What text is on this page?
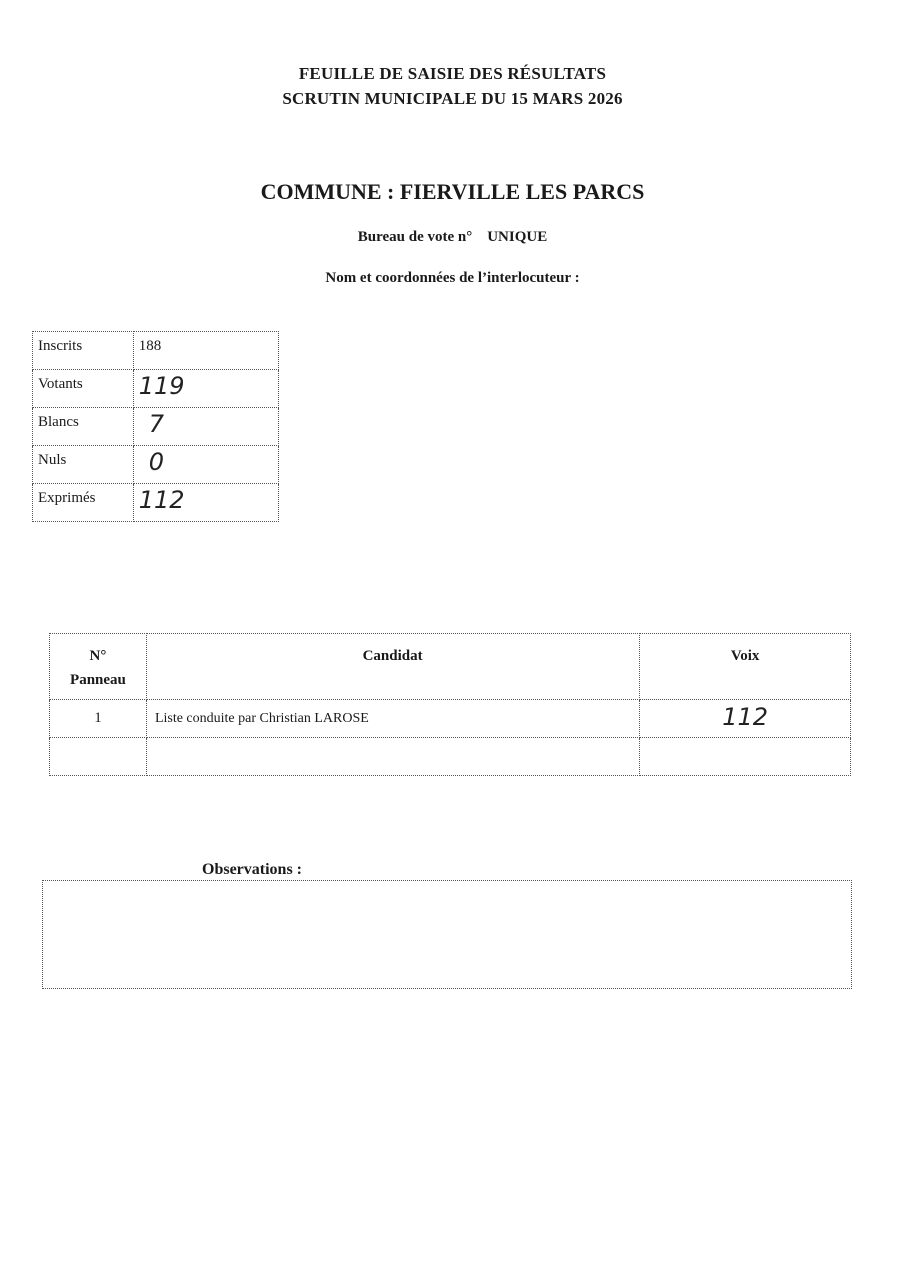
FEUILLE DE SAISIE DES RÉSULTATS
SCRUTIN MUNICIPALE DU 15 MARS 2026
COMMUNE : FIERVILLE LES PARCS
Bureau de vote n°    UNIQUE
Nom et coordonnées de l’interlocuteur :
Inscrits	188
Votants	119
Blancs	7
Nuls	0
Exprimés	112
N°
Panneau	Candidat	Voix
1	Liste conduite par Christian LAROSE	112

Observations :
